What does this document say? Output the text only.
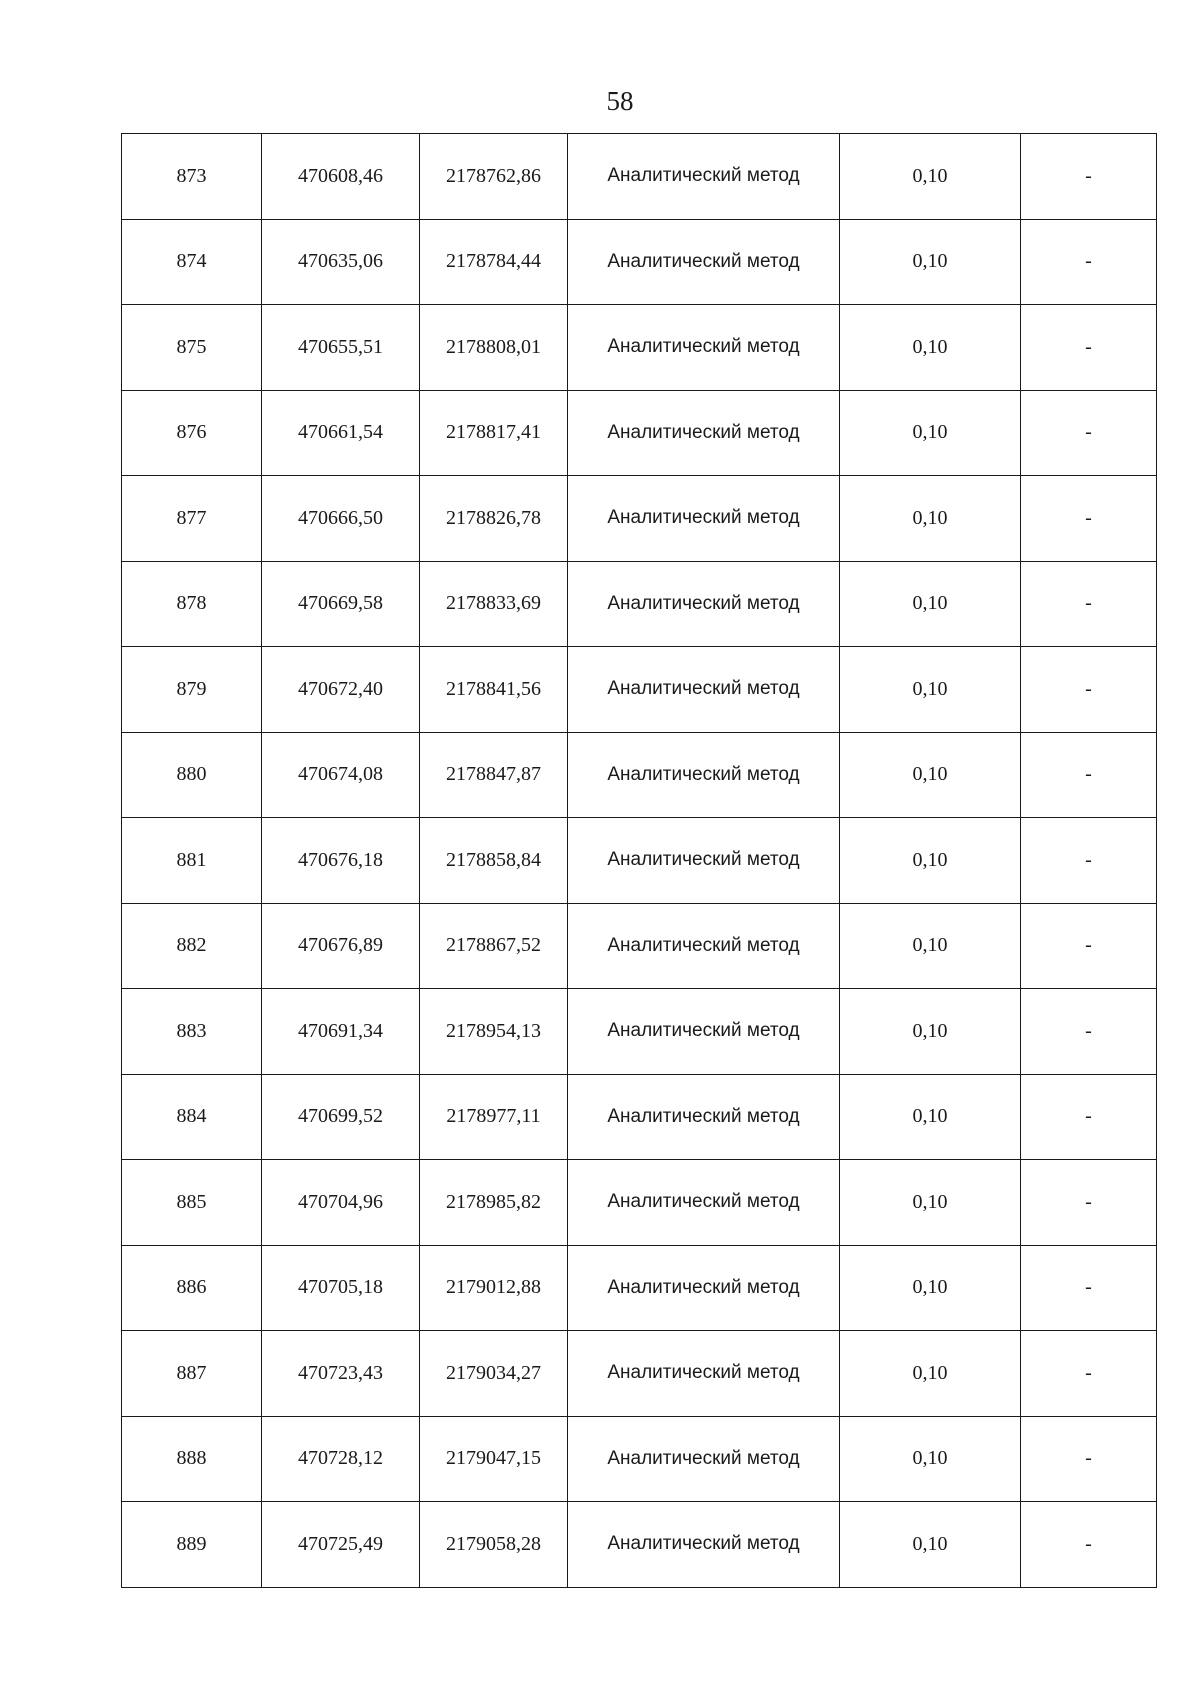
58
873	470608,46	2178762,86	Аналитический метод	0,10	-
874	470635,06	2178784,44	Аналитический метод	0,10	-
875	470655,51	2178808,01	Аналитический метод	0,10	-
876	470661,54	2178817,41	Аналитический метод	0,10	-
877	470666,50	2178826,78	Аналитический метод	0,10	-
878	470669,58	2178833,69	Аналитический метод	0,10	-
879	470672,40	2178841,56	Аналитический метод	0,10	-
880	470674,08	2178847,87	Аналитический метод	0,10	-
881	470676,18	2178858,84	Аналитический метод	0,10	-
882	470676,89	2178867,52	Аналитический метод	0,10	-
883	470691,34	2178954,13	Аналитический метод	0,10	-
884	470699,52	2178977,11	Аналитический метод	0,10	-
885	470704,96	2178985,82	Аналитический метод	0,10	-
886	470705,18	2179012,88	Аналитический метод	0,10	-
887	470723,43	2179034,27	Аналитический метод	0,10	-
888	470728,12	2179047,15	Аналитический метод	0,10	-
889	470725,49	2179058,28	Аналитический метод	0,10	-
